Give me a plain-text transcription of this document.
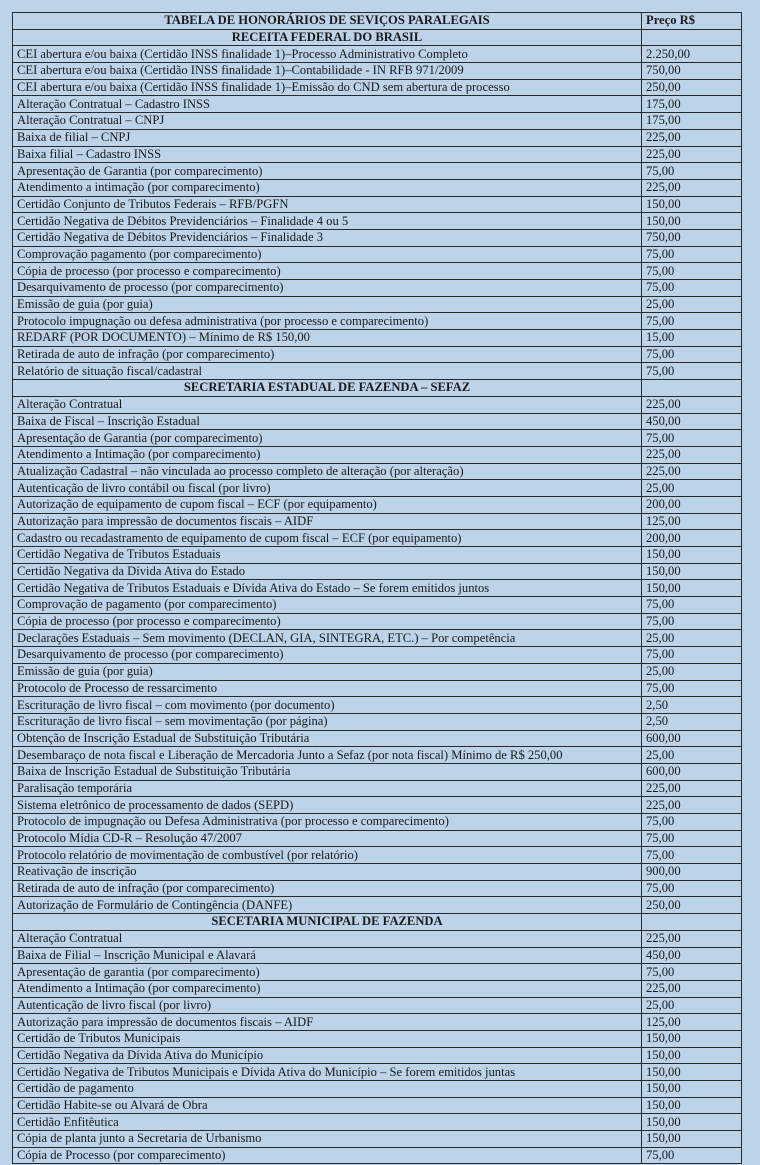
TABELA DE HONORÁRIOS DE SEVIÇOS PARALEGAIS	Preço R$
RECEITA FEDERAL DO BRASIL	
CEI abertura e/ou baixa (Certidão INSS finalidade 1)–Processo Administrativo Completo	2.250,00
CEI abertura e/ou baixa (Certidão INSS finalidade 1)–Contabilidade - IN RFB 971/2009	750,00
CEI abertura e/ou baixa (Certidão INSS finalidade 1)–Emissão do CND sem abertura de processo	250,00
Alteração Contratual – Cadastro INSS	175,00
Alteração Contratual – CNPJ	175,00
Baixa de filial – CNPJ	225,00
Baixa filial – Cadastro INSS	225,00
Apresentação de Garantia (por comparecimento)	75,00
Atendimento a intimação (por comparecimento)	225,00
Certidão Conjunto de Tributos Federais – RFB/PGFN	150,00
Certidão Negativa de Débitos Previdenciários – Finalidade 4 ou 5	150,00
Certidão Negativa de Débitos Previdenciários – Finalidade 3	750,00
Comprovação pagamento (por comparecimento)	75,00
Cópia de processo (por processo e comparecimento)	75,00
Desarquivamento de processo (por comparecimento)	75,00
Emissão de guia (por guia)	25,00
Protocolo impugnação ou defesa administrativa (por processo e comparecimento)	75,00
REDARF (POR DOCUMENTO) – Mínimo de R$ 150,00	15,00
Retirada de auto de infração (por comparecimento)	75,00
Relatório de situação fiscal/cadastral	75,00
SECRETARIA ESTADUAL DE FAZENDA – SEFAZ	
Alteração Contratual	225,00
Baixa de Fiscal – Inscrição Estadual	450,00
Apresentação de Garantia (por comparecimento)	75,00
Atendimento a Intimação (por comparecimento)	225,00
Atualização Cadastral – não vinculada ao processo completo de alteração (por alteração)	225,00
Autenticação de livro contábil ou fiscal (por livro)	25,00
Autorização de equipamento de cupom fiscal – ECF (por equipamento)	200,00
Autorização para impressão de documentos fiscais – AIDF	125,00
Cadastro ou recadastramento de equipamento de cupom fiscal – ECF (por equipamento)	200,00
Certidão Negativa de Tributos Estaduais	150,00
Certidão Negativa da Dívida Ativa do Estado	150,00
Certidão Negativa de Tributos Estaduais e Dívida Ativa do Estado – Se forem emitidos juntos	150,00
Comprovação de pagamento (por comparecimento)	75,00
Cópia de processo (por processo e comparecimento)	75,00
Declarações Estaduais – Sem movimento (DECLAN, GIA, SINTEGRA, ETC.) – Por competência	25,00
Desarquivamento de processo (por comparecimento)	75,00
Emissão de guia (por guia)	25,00
Protocolo de Processo de ressarcimento	75,00
Escrituração de livro fiscal – com movimento (por documento)	2,50
Escrituração de livro fiscal – sem movimentação (por página)	2,50
Obtenção de Inscrição Estadual de Substituição Tributária	600,00
Desembaraço de nota fiscal e Liberação de Mercadoria Junto a Sefaz (por nota fiscal) Mínimo de R$ 250,00	25,00
Baixa de Inscrição Estadual de Substituição Tributária	600,00
Paralisação temporária	225,00
Sistema eletrônico de processamento de dados (SEPD)	225,00
Protocolo de impugnação ou Defesa Administrativa (por processo e comparecimento)	75,00
Protocolo Mídia CD-R – Resolução 47/2007	75,00
Protocolo relatório de movimentação de combustível (por relatório)	75,00
Reativação de inscrição	900,00
Retirada de auto de infração (por comparecimento)	75,00
Autorização de Formulário de Contingência (DANFE)	250,00
SECETARIA MUNICIPAL DE FAZENDA	
Alteração Contratual	225,00
Baixa de Filial – Inscrição Municipal e Alavará	450,00
Apresentação de garantia (por comparecimento)	75,00
Atendimento a Intimação (por comparecimento)	225,00
Autenticação de livro fiscal (por livro)	25,00
Autorização para impressão de documentos fiscais – AIDF	125,00
Certidão de Tributos Municipais	150,00
Certidão Negativa da Dívida Ativa do Município	150,00
Certidão Negativa de Tributos Municipais e Dívida Ativa do Município – Se forem emitidos juntas	150,00
Certidão de pagamento	150,00
Certidão Habite-se ou Alvará de Obra	150,00
Certidão Enfitêutica	150,00
Cópia de planta junto a Secretaria de Urbanismo	150,00
Cópia de Processo (por comparecimento)	75,00
